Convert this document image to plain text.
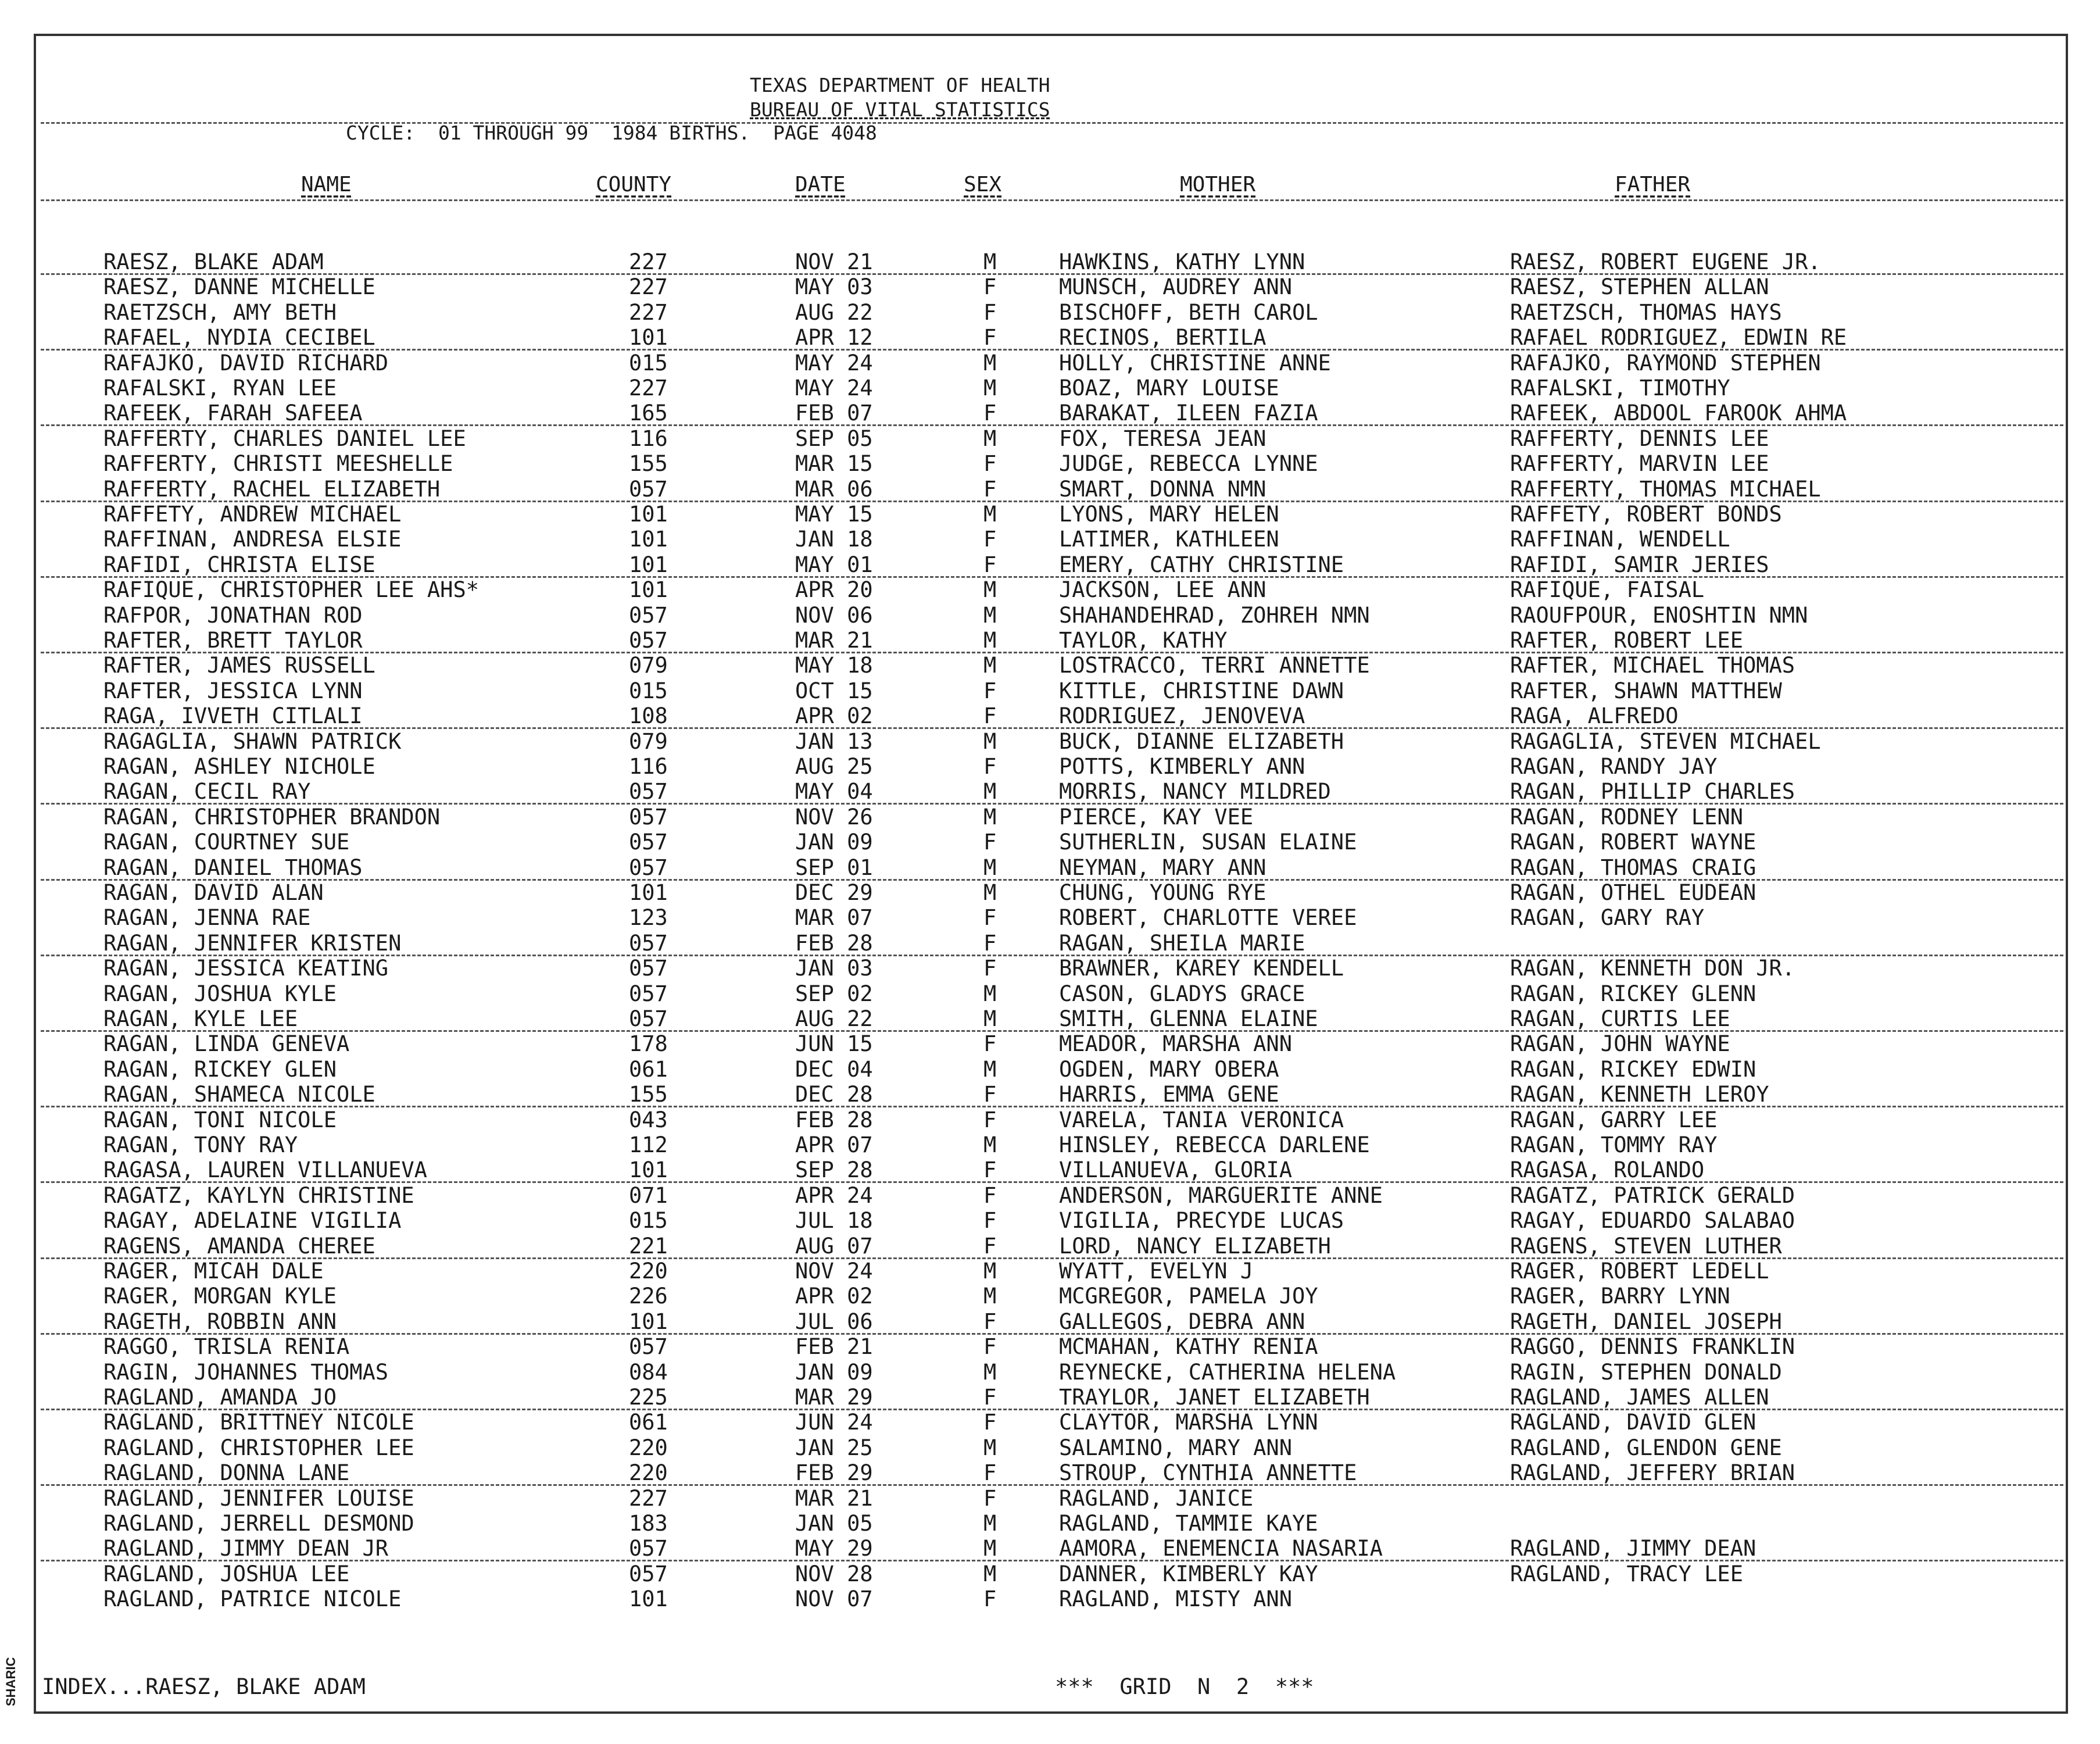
TEXAS DEPARTMENT OF HEALTH
BUREAU OF VITAL STATISTICS
CYCLE:  01 THROUGH 99  1984 BIRTHS.  PAGE 4048
NAME	COUNTY	DATE	SEX	MOTHER	FATHER
RAESZ, BLAKE ADAM	227	NOV 21	M	HAWKINS, KATHY LYNN	RAESZ, ROBERT EUGENE JR.
RAESZ, DANNE MICHELLE	227	MAY 03	F	MUNSCH, AUDREY ANN	RAESZ, STEPHEN ALLAN
RAETZSCH, AMY BETH	227	AUG 22	F	BISCHOFF, BETH CAROL	RAETZSCH, THOMAS HAYS
RAFAEL, NYDIA CECIBEL	101	APR 12	F	RECINOS, BERTILA	RAFAEL RODRIGUEZ, EDWIN RE
RAFAJKO, DAVID RICHARD	015	MAY 24	M	HOLLY, CHRISTINE ANNE	RAFAJKO, RAYMOND STEPHEN
RAFALSKI, RYAN LEE	227	MAY 24	M	BOAZ, MARY LOUISE	RAFALSKI, TIMOTHY
RAFEEK, FARAH SAFEEA	165	FEB 07	F	BARAKAT, ILEEN FAZIA	RAFEEK, ABDOOL FAROOK AHMA
RAFFERTY, CHARLES DANIEL LEE	116	SEP 05	M	FOX, TERESA JEAN	RAFFERTY, DENNIS LEE
RAFFERTY, CHRISTI MEESHELLE	155	MAR 15	F	JUDGE, REBECCA LYNNE	RAFFERTY, MARVIN LEE
RAFFERTY, RACHEL ELIZABETH	057	MAR 06	F	SMART, DONNA NMN	RAFFERTY, THOMAS MICHAEL
RAFFETY, ANDREW MICHAEL	101	MAY 15	M	LYONS, MARY HELEN	RAFFETY, ROBERT BONDS
RAFFINAN, ANDRESA ELSIE	101	JAN 18	F	LATIMER, KATHLEEN	RAFFINAN, WENDELL
RAFIDI, CHRISTA ELISE	101	MAY 01	F	EMERY, CATHY CHRISTINE	RAFIDI, SAMIR JERIES
RAFIQUE, CHRISTOPHER LEE AHS*	101	APR 20	M	JACKSON, LEE ANN	RAFIQUE, FAISAL
RAFPOR, JONATHAN ROD	057	NOV 06	M	SHAHANDEHRAD, ZOHREH NMN	RAOUFPOUR, ENOSHTIN NMN
RAFTER, BRETT TAYLOR	057	MAR 21	M	TAYLOR, KATHY	RAFTER, ROBERT LEE
RAFTER, JAMES RUSSELL	079	MAY 18	M	LOSTRACCO, TERRI ANNETTE	RAFTER, MICHAEL THOMAS
RAFTER, JESSICA LYNN	015	OCT 15	F	KITTLE, CHRISTINE DAWN	RAFTER, SHAWN MATTHEW
RAGA, IVVETH CITLALI	108	APR 02	F	RODRIGUEZ, JENOVEVA	RAGA, ALFREDO
RAGAGLIA, SHAWN PATRICK	079	JAN 13	M	BUCK, DIANNE ELIZABETH	RAGAGLIA, STEVEN MICHAEL
RAGAN, ASHLEY NICHOLE	116	AUG 25	F	POTTS, KIMBERLY ANN	RAGAN, RANDY JAY
RAGAN, CECIL RAY	057	MAY 04	M	MORRIS, NANCY MILDRED	RAGAN, PHILLIP CHARLES
RAGAN, CHRISTOPHER BRANDON	057	NOV 26	M	PIERCE, KAY VEE	RAGAN, RODNEY LENN
RAGAN, COURTNEY SUE	057	JAN 09	F	SUTHERLIN, SUSAN ELAINE	RAGAN, ROBERT WAYNE
RAGAN, DANIEL THOMAS	057	SEP 01	M	NEYMAN, MARY ANN	RAGAN, THOMAS CRAIG
RAGAN, DAVID ALAN	101	DEC 29	M	CHUNG, YOUNG RYE	RAGAN, OTHEL EUDEAN
RAGAN, JENNA RAE	123	MAR 07	F	ROBERT, CHARLOTTE VEREE	RAGAN, GARY RAY
RAGAN, JENNIFER KRISTEN	057	FEB 28	F	RAGAN, SHEILA MARIE
RAGAN, JESSICA KEATING	057	JAN 03	F	BRAWNER, KAREY KENDELL	RAGAN, KENNETH DON JR.
RAGAN, JOSHUA KYLE	057	SEP 02	M	CASON, GLADYS GRACE	RAGAN, RICKEY GLENN
RAGAN, KYLE LEE	057	AUG 22	M	SMITH, GLENNA ELAINE	RAGAN, CURTIS LEE
RAGAN, LINDA GENEVA	178	JUN 15	F	MEADOR, MARSHA ANN	RAGAN, JOHN WAYNE
RAGAN, RICKEY GLEN	061	DEC 04	M	OGDEN, MARY OBERA	RAGAN, RICKEY EDWIN
RAGAN, SHAMECA NICOLE	155	DEC 28	F	HARRIS, EMMA GENE	RAGAN, KENNETH LEROY
RAGAN, TONI NICOLE	043	FEB 28	F	VARELA, TANIA VERONICA	RAGAN, GARRY LEE
RAGAN, TONY RAY	112	APR 07	M	HINSLEY, REBECCA DARLENE	RAGAN, TOMMY RAY
RAGASA, LAUREN VILLANUEVA	101	SEP 28	F	VILLANUEVA, GLORIA	RAGASA, ROLANDO
RAGATZ, KAYLYN CHRISTINE	071	APR 24	F	ANDERSON, MARGUERITE ANNE	RAGATZ, PATRICK GERALD
RAGAY, ADELAINE VIGILIA	015	JUL 18	F	VIGILIA, PRECYDE LUCAS	RAGAY, EDUARDO SALABAO
RAGENS, AMANDA CHEREE	221	AUG 07	F	LORD, NANCY ELIZABETH	RAGENS, STEVEN LUTHER
RAGER, MICAH DALE	220	NOV 24	M	WYATT, EVELYN J	RAGER, ROBERT LEDELL
RAGER, MORGAN KYLE	226	APR 02	M	MCGREGOR, PAMELA JOY	RAGER, BARRY LYNN
RAGETH, ROBBIN ANN	101	JUL 06	F	GALLEGOS, DEBRA ANN	RAGETH, DANIEL JOSEPH
RAGGO, TRISLA RENIA	057	FEB 21	F	MCMAHAN, KATHY RENIA	RAGGO, DENNIS FRANKLIN
RAGIN, JOHANNES THOMAS	084	JAN 09	M	REYNECKE, CATHERINA HELENA	RAGIN, STEPHEN DONALD
RAGLAND, AMANDA JO	225	MAR 29	F	TRAYLOR, JANET ELIZABETH	RAGLAND, JAMES ALLEN
RAGLAND, BRITTNEY NICOLE	061	JUN 24	F	CLAYTOR, MARSHA LYNN	RAGLAND, DAVID GLEN
RAGLAND, CHRISTOPHER LEE	220	JAN 25	M	SALAMINO, MARY ANN	RAGLAND, GLENDON GENE
RAGLAND, DONNA LANE	220	FEB 29	F	STROUP, CYNTHIA ANNETTE	RAGLAND, JEFFERY BRIAN
RAGLAND, JENNIFER LOUISE	227	MAR 21	F	RAGLAND, JANICE
RAGLAND, JERRELL DESMOND	183	JAN 05	M	RAGLAND, TAMMIE KAYE
RAGLAND, JIMMY DEAN JR	057	MAY 29	M	AAMORA, ENEMENCIA NASARIA	RAGLAND, JIMMY DEAN
RAGLAND, JOSHUA LEE	057	NOV 28	M	DANNER, KIMBERLY KAY	RAGLAND, TRACY LEE
RAGLAND, PATRICE NICOLE	101	NOV 07	F	RAGLAND, MISTY ANN
INDEX...RAESZ, BLAKE ADAM	***  GRID  N  2  ***
SHARIC
